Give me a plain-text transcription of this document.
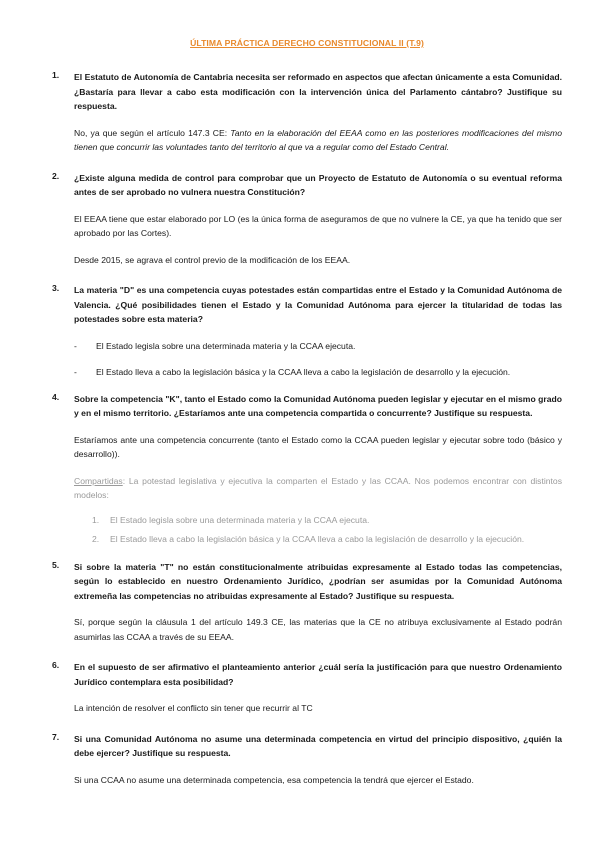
ÚLTIMA PRÁCTICA DERECHO CONSTITUCIONAL II (T.9)
1. El Estatuto de Autonomía de Cantabria necesita ser reformado en aspectos que afectan únicamente a esta Comunidad. ¿Bastaría para llevar a cabo esta modificación con la intervención única del Parlamento cántabro? Justifique su respuesta.

No, ya que según el artículo 147.3 CE: Tanto en la elaboración del EEAA como en las posteriores modificaciones del mismo tienen que concurrir las voluntades tanto del territorio al que va a regular como del Estado Central.

2. ¿Existe alguna medida de control para comprobar que un Proyecto de Estatuto de Autonomía o su eventual reforma antes de ser aprobado no vulnera nuestra Constitución?

El EEAA tiene que estar elaborado por LO (es la única forma de aseguramos de que no vulnere la CE, ya que ha tenido que ser aprobado por las Cortes).

Desde 2015, se agrava el control previo de la modificación de los EEAA.

3. La materia "D" es una competencia cuyas potestades están compartidas entre el Estado y la Comunidad Autónoma de Valencia. ¿Qué posibilidades tienen el Estado y la Comunidad Autónoma para ejercer la titularidad de todas las potestades sobre esta materia?

- El Estado legisla sobre una determinada materia y la CCAA ejecuta.
- El Estado lleva a cabo la legislación básica y la CCAA lleva a cabo la legislación de desarrollo y la ejecución.
4. Sobre la competencia "K", tanto el Estado como la Comunidad Autónoma pueden legislar y ejecutar en el mismo grado y en el mismo territorio. ¿Estaríamos ante una competencia compartida o concurrente? Justifique su respuesta.

Estaríamos ante una competencia concurrente (tanto el Estado como la CCAA pueden legislar y ejecutar sobre todo (básico y desarrollo)).

Compartidas: La potestad legislativa y ejecutiva la comparten el Estado y las CCAA. Nos podemos encontrar con distintos modelos:

1. El Estado legisla sobre una determinada materia y la CCAA ejecuta.
2. El Estado lleva a cabo la legislación básica y la CCAA lleva a cabo la legislación de desarrollo y la ejecución.
5. Si sobre la materia "T" no están constitucionalmente atribuidas expresamente al Estado todas las competencias, según lo establecido en nuestro Ordenamiento Jurídico, ¿podrían ser asumidas por la Comunidad Autónoma extremeña las competencias no atribuidas expresamente al Estado? Justifique su respuesta.

Sí, porque según la cláusula 1 del artículo 149.3 CE, las materias que la CE no atribuya exclusivamente al Estado podrán asumirlas las CCAA a través de su EEAA.

6. En el supuesto de ser afirmativo el planteamiento anterior ¿cuál sería la justificación para que nuestro Ordenamiento Jurídico contemplara esta posibilidad?

La intención de resolver el conflicto sin tener que recurrir al TC

7. Si una Comunidad Autónoma no asume una determinada competencia en virtud del principio dispositivo, ¿quién la debe ejercer? Justifique su respuesta.

Si una CCAA no asume una determinada competencia, esa competencia la tendrá que ejercer el Estado.
